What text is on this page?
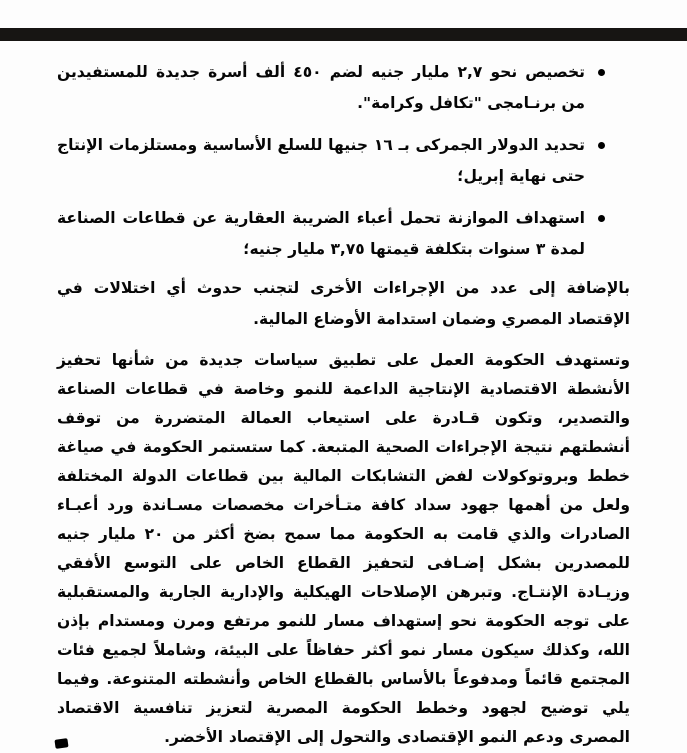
تخصيص نحو ٢,٧ مليار جنيه لضم ٤٥٠ ألف أسرة جديدة للمستفيدين من برنـامجى "تكافل وكرامة".
تحديد الدولار الجمركى بـ ١٦ جنيها للسلع الأساسية ومستلزمات الإنتاج حتى نهاية إبريل؛
استهداف الموازنة تحمل أعباء الضريبة العقارية عن قطاعات الصناعة لمدة ٣ سنوات بتكلفة قيمتها ٣,٧٥ مليار جنيه؛

بالإضافة إلى عدد من الإجراءات الأخرى لتجنب حدوث أي اختلالات في الإقتصاد المصري وضمان استدامة الأوضاع المالية.

وتستهدف الحكومة العمل على تطبيق سياسات جديدة من شأنها تحفيز الأنشطة الاقتصادية الإنتاجية الداعمة للنمو وخاصة في قطاعات الصناعة والتصدير، وتكون قـادرة على استيعاب العمالة المتضررة من توقف أنشطتهم نتيجة الإجراءات الصحية المتبعة. كما ستستمر الحكومة في صياغة خطط وبروتوكولات لفض التشابكات المالية بين قطاعات الدولة المختلفة ولعل من أهمها جهود سداد كافة متـأخرات مخصصات مسـاندة ورد أعبـاء الصادرات والذي قامت به الحكومة مما سمح بضخ أكثر من ٢٠ مليار جنيه للمصدرين بشكل إضـافى لتحفيز القطاع الخاص على التوسع الأفقي وزيـادة الإنتـاج. وتبرهن الإصلاحات الهيكلية والإدارية الجارية والمستقبلية على توجه الحكومة نحو إستهداف مسار للنمو مرتفع ومرن ومستدام بإذن الله، وكذلك سيكون مسار نمو أكثر حفاظاً على البيئة، وشاملاً لجميع فئات المجتمع قائماً ومدفوعاً بالأساس بالقطاع الخاص وأنشطته المتنوعة. وفيما يلي توضيح لجهود وخطط الحكومة المصرية لتعزيز تنافسية الاقتصاد المصرى ودعم النمو الإقتصادى والتحول إلى الإقتصاد الأخضر.
